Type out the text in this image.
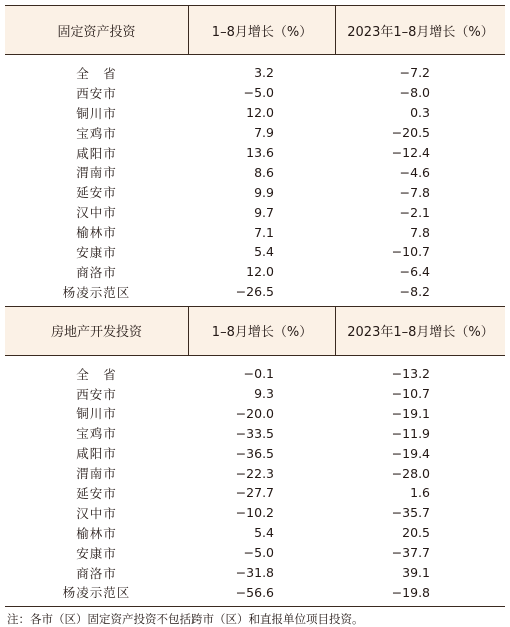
固定资产投资	1–8月增长（%）	2023年1–8月增长（%）
全　省	3.2	−7.2
西安市	−5.0	−8.0
铜川市	12.0	0.3
宝鸡市	7.9	−20.5
咸阳市	13.6	−12.4
渭南市	8.6	−4.6
延安市	9.9	−7.8
汉中市	9.7	−2.1
榆林市	7.1	7.8
安康市	5.4	−10.7
商洛市	12.0	−6.4
杨凌示范区	−26.5	−8.2
房地产开发投资	1–8月增长（%）	2023年1–8月增长（%）
全　省	−0.1	−13.2
西安市	9.3	−10.7
铜川市	−20.0	−19.1
宝鸡市	−33.5	−11.9
咸阳市	−36.5	−19.4
渭南市	−22.3	−28.0
延安市	−27.7	1.6
汉中市	−10.2	−35.7
榆林市	5.4	20.5
安康市	−5.0	−37.7
商洛市	−31.8	39.1
杨凌示范区	−56.6	−19.8
注：各市（区）固定资产投资不包括跨市（区）和直报单位项目投资。
